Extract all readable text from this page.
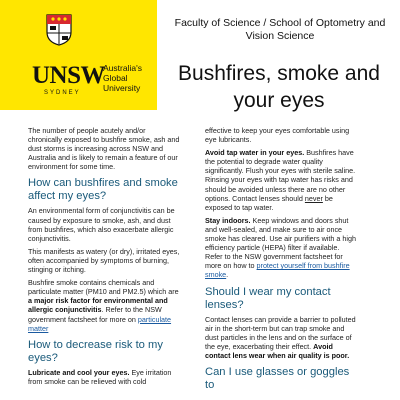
UNSW
SYDNEY
Australia's
Global
University
Faculty of Science / School of Optometry and Vision Science
Bushfires, smoke and your eyes

The number of people acutely and/or chronically exposed to bushfire smoke, ash and dust storms is increasing across NSW and Australia and is likely to remain a feature of our environment for some time.

How can bushfires and smoke affect my eyes?

An environmental form of conjunctivitis can be caused by exposure to smoke, ash, and dust from bushfires, which also exacerbate allergic conjunctivitis.

This manifests as watery (or dry), irritated eyes, often accompanied by symptoms of burning, stinging or itching.

Bushfire smoke contains chemicals and particulate matter (PM10 and PM2.5) which are a major risk factor for environmental and allergic conjunctivitis. Refer to the NSW government factsheet for more on particulate matter

How to decrease risk to my eyes?

Lubricate and cool your eyes. Eye irritation from smoke can be relieved with cold

effective to keep your eyes comfortable using eye lubricants.

Avoid tap water in your eyes. Bushfires have the potential to degrade water quality significantly. Flush your eyes with sterile saline. Rinsing your eyes with tap water has risks and should be avoided unless there are no other options. Contact lenses should never be exposed to tap water.

Stay indoors. Keep windows and doors shut and well-sealed, and make sure to air once smoke has cleared. Use air purifiers with a high efficiency particle (HEPA) filter if available. Refer to the NSW government factsheet for more on how to protect yourself from bushfire smoke.

Should I wear my contact lenses?

Contact lenses can provide a barrier to polluted air in the short-term but can trap smoke and dust particles in the lens and on the surface of the eye, exacerbating their effect. Avoid contact lens wear when air quality is poor.

Can I use glasses or goggles to
